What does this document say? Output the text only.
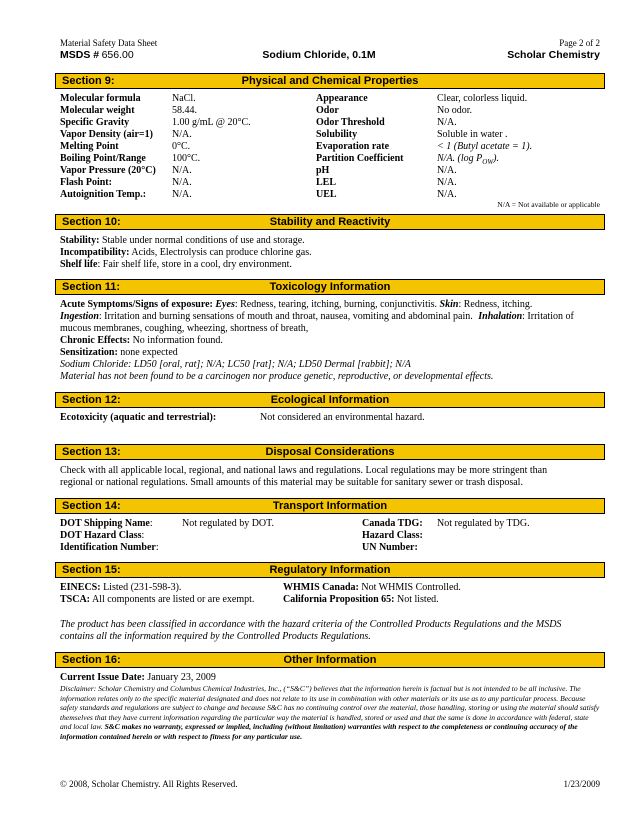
Material Safety Data Sheet
MSDS # 656.00	Sodium Chloride, 0.1M
Page 2 of 2
Scholar Chemistry
Section 9:	Physical and Chemical Properties
Molecular formula	NaCl.
Molecular weight	58.44.
Specific Gravity	1.00 g/mL @ 20°C.
Vapor Density (air=1) N/A.
Melting Point	0°C.
Boiling Point/Range	100°C.
Vapor Pressure (20°C) N/A.
Flash Point:	N/A.
Autoignition Temp.:	N/A.
Appearance	Clear, colorless liquid.
Odor	No odor.
Odor Threshold	N/A.
Solubility	Soluble in water .
Evaporation rate	< 1 (Butyl acetate = 1).
Partition Coefficient	N/A. (log $P_{OW}$).
pH	N/A.
LEL	N/A.
UEL	N/A.
N/A = Not available or applicable
Section 10:	Stability and Reactivity
Stability: Stable under normal conditions of use and storage.
Incompatibility: Acids, Electrolysis can produce chlorine gas.
Shelf life: Fair shelf life, store in a cool, dry environment.
Section 11:	Toxicology Information
Acute Symptoms/Signs of exposure: Eyes: Redness, tearing, itching, burning, conjunctivitis. Skin: Redness, itching.
Ingestion: Irritation and burning sensations of mouth and throat, nausea, vomiting and abdominal pain. Inhalation: Irritation of
mucous membranes, coughing, wheezing, shortness of breath,
Chronic Effects: No information found.
Sensitization: none expected
Sodium Chloride: LD50 [oral, rat]; N/A; LC50 [rat]; N/A; LD50 Dermal [rabbit]; N/A
Material has not been found to be a carcinogen nor produce genetic, reproductive, or developmental effects.
Section 12:	Ecological Information
Ecotoxicity (aquatic and terrestrial):	Not considered an environmental hazard.
Section 13:	Disposal Considerations
Check with all applicable local, regional, and national laws and regulations. Local regulations may be more stringent than
regional or national regulations. Small amounts of this material may be suitable for sanitary sewer or trash disposal.
Section 14:	Transport Information
DOT Shipping Name:	Not regulated by DOT.
DOT Hazard Class:
Identification Number:
Canada TDG: Not regulated by TDG.
Hazard Class:
UN Number:
Section 15:	Regulatory Information
EINECS: Listed (231-598-3).
TSCA: All components are listed or are exempt.
WHMIS Canada: Not WHMIS Controlled.
California Proposition 65: Not listed.
The product has been classified in accordance with the hazard criteria of the Controlled Products Regulations and the MSDS
contains all the information required by the Controlled Products Regulations.
Section 16:	Other Information
Current Issue Date: January 23, 2009
Disclaimer: Scholar Chemistry and Columbus Chemical Industries, Inc., (“S&C”) believes that the information herein is factual but is not intended to be all inclusive. The information relates only to the specific material designated and does not relate to its use in combination with other materials or its use as to any particular process. Because safety standards and regulations are subject to change and because S&C has no continuing control over the material, those handling, storing or using the material should satisfy themselves that they have current information regarding the particular way the material is handled, stored or used and that the same is done in accordance with federal, state and local law. S&C makes no warranty, expressed or implied, including (without limitation) warranties with respect to the completeness or continuing accuracy of the information contained herein or with respect to fitness for any particular use.
© 2008, Scholar Chemistry. All Rights Reserved.	1/23/2009
